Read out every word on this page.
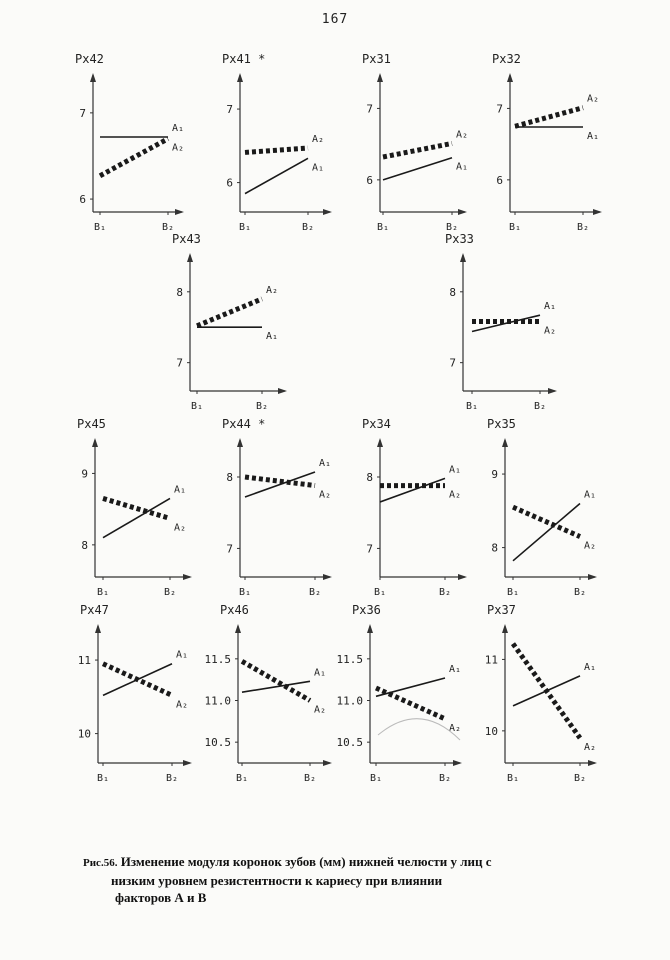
167
Px42
6
7
B₁	B₂
A₁
A₂
Px41 *
6
7
B₁	B₂
A₁
A₂
Px31
6
7
B₁	B₂
A₁
A₂
Px32
6
7
B₁	B₂
A₁
A₂
Px43
7
8
B₁	B₂
A₁
A₂
Px33
7
8
B₁	B₂
A₁
A₂
Px45
8
9
B₁	B₂
A₁
A₂
Px44 *
7
8
B₁	B₂
A₁
A₂
Px34
7
8
B₁	B₂
A₁
A₂
Px35
8
9
B₁	B₂
A₁
A₂
Px47
10
11
B₁	B₂
A₁
A₂
Px46
10.5
11.0
11.5
B₁	B₂
A₁
A₂
Px36
10.5
11.0
11.5
B₁	B₂
A₁
A₂
Px37
10
11
B₁	B₂
A₁
A₂
Рис.56. Изменение модуля коронок зубов (мм) нижней челюсти у лиц с
низким уровнем резистентности к кариесу при влиянии
факторов А и В
